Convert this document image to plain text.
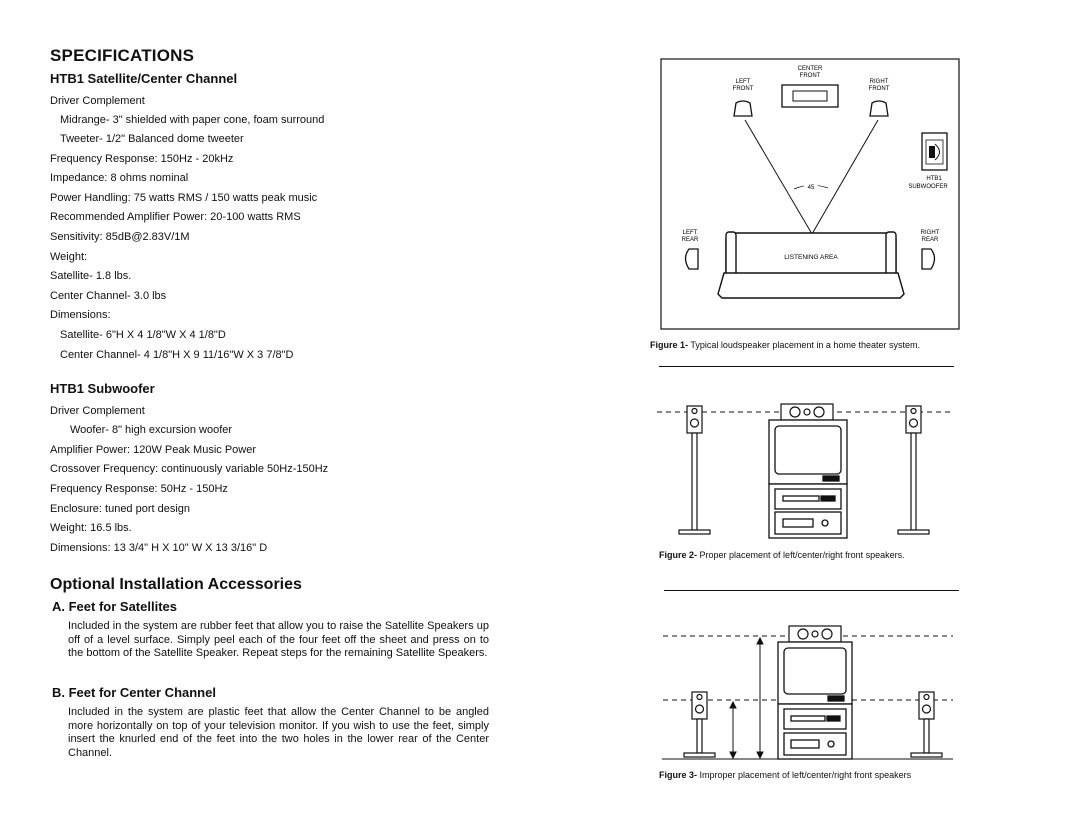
SPECIFICATIONS
HTB1 Satellite/Center Channel
Driver Complement
Midrange- 3" shielded with paper cone, foam surround
Tweeter- 1/2" Balanced dome tweeter
Frequency Response: 150Hz - 20kHz
Impedance: 8 ohms nominal
Power Handling: 75 watts RMS / 150 watts peak music
Recommended Amplifier Power: 20-100 watts RMS
Sensitivity: 85dB@2.83V/1M
Weight:
Satellite- 1.8 lbs.
Center Channel- 3.0 lbs
Dimensions:
Satellite- 6"H X 4 1/8"W X 4 1/8"D
Center Channel- 4 1/8"H X 9 11/16"W X 3 7/8"D
HTB1 Subwoofer
Driver Complement
Woofer- 8" high excursion woofer
Amplifier Power: 120W Peak Music Power
Crossover Frequency: continuously variable 50Hz-150Hz
Frequency Response: 50Hz - 150Hz
Enclosure: tuned port design
Weight: 16.5 lbs.
Dimensions: 13 3/4" H X 10" W X 13 3/16" D
Optional Installation Accessories
A. Feet for Satellites
Included in the system are rubber feet that allow you to raise the Satellite Speakers up off of a level surface. Simply peel each of the four feet off the sheet and press on to the bottom of the Satellite Speaker. Repeat steps for the remaining Satellite Speakers.
B. Feet for Center Channel
Included in the system are plastic feet that allow the Center Channel to be angled more horizontally on top of your television monitor. If you wish to use the feet, simply insert the knurled end of the feet into the two holes in the lower rear of the Center Channel.
CENTER
FRONT
LEFT
FRONT
RIGHT
FRONT
45
HTB1
SUBWOOFER
LEFT
REAR
RIGHT
REAR
LISTENING AREA
Figure 1- Typical loudspeaker placement in a home theater system.
Figure 2- Proper placement of left/center/right front speakers.
Figure 3- Improper placement of left/center/right front speakers
